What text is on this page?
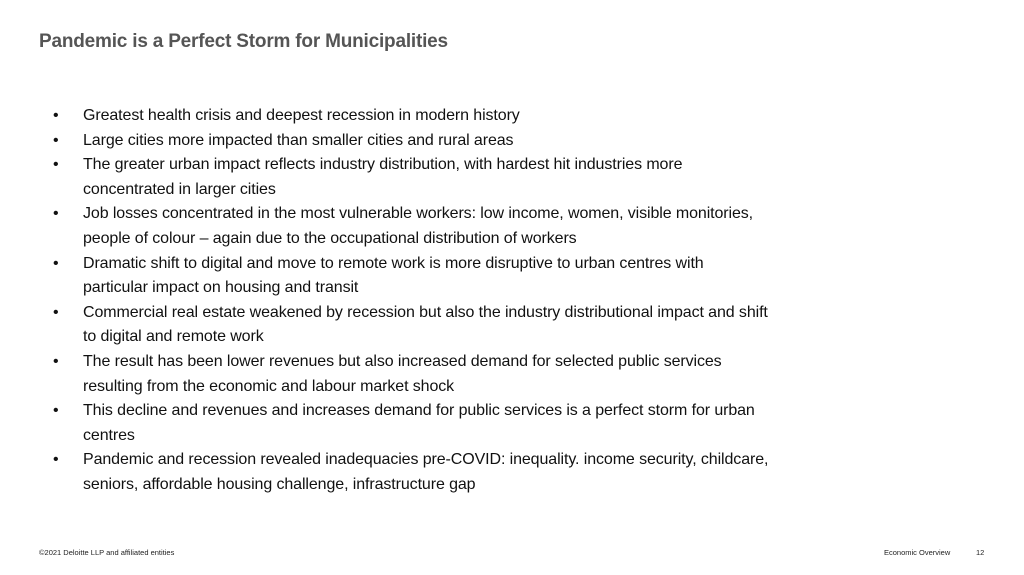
Pandemic is a Perfect Storm for Municipalities
• Greatest health crisis and deepest recession in modern history
• Large cities more impacted than smaller cities and rural areas
• The greater urban impact reflects industry distribution, with hardest hit industries more concentrated in larger cities
• Job losses concentrated in the most vulnerable workers: low income, women, visible monitories, people of colour – again due to the occupational distribution of workers
• Dramatic shift to digital and move to remote work is more disruptive to urban centres with particular impact on housing and transit
• Commercial real estate weakened by recession but also the industry distributional impact and shift to digital and remote work
• The result has been lower revenues but also increased demand for selected public services resulting from the economic and labour market shock
• This decline and revenues and increases demand for public services is a perfect storm for urban centres
• Pandemic and recession revealed inadequacies pre-COVID: inequality. income security, childcare, seniors, affordable housing challenge, infrastructure gap
©2021 Deloitte LLP and affiliated entities	Economic Overview	12
